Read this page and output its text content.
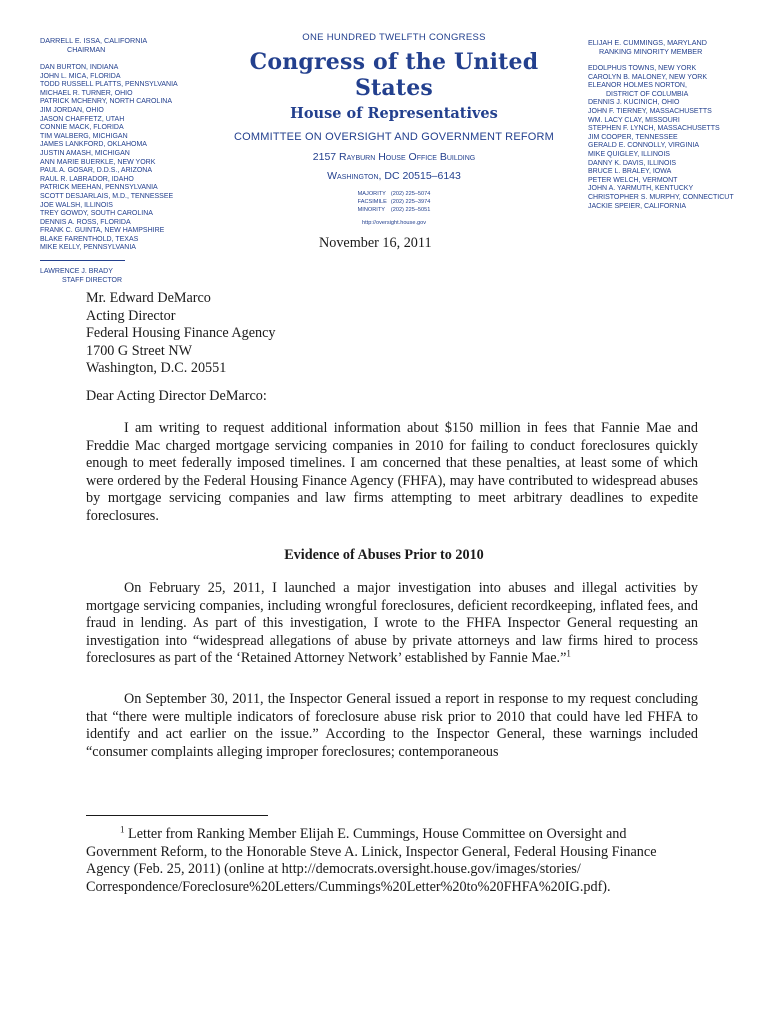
DARRELL E. ISSA, CALIFORNIA
CHAIRMAN
DAN BURTON, INDIANA
JOHN L. MICA, FLORIDA
TODD RUSSELL PLATTS, PENNSYLVANIA
MICHAEL R. TURNER, OHIO
PATRICK MCHENRY, NORTH CAROLINA
JIM JORDAN, OHIO
JASON CHAFFETZ, UTAH
CONNIE MACK, FLORIDA
TIM WALBERG, MICHIGAN
JAMES LANKFORD, OKLAHOMA
JUSTIN AMASH, MICHIGAN
ANN MARIE BUERKLE, NEW YORK
PAUL A. GOSAR, D.D.S., ARIZONA
RAUL R. LABRADOR, IDAHO
PATRICK MEEHAN, PENNSYLVANIA
SCOTT DESJARLAIS, M.D., TENNESSEE
JOE WALSH, ILLINOIS
TREY GOWDY, SOUTH CAROLINA
DENNIS A. ROSS, FLORIDA
FRANK C. GUINTA, NEW HAMPSHIRE
BLAKE FARENTHOLD, TEXAS
MIKE KELLY, PENNSYLVANIA
LAWRENCE J. BRADY
STAFF DIRECTOR
ONE HUNDRED TWELFTH CONGRESS
Congress of the United States
House of Representatives
COMMITTEE ON OVERSIGHT AND GOVERNMENT REFORM
2157 Rayburn House Office Building
Washington, DC 20515–6143
MAJORITY	(202) 225–5074
FACSIMILE	(202) 225–3974
MINORITY	(202) 225–5051
http://oversight.house.gov
ELIJAH E. CUMMINGS, MARYLAND
RANKING MINORITY MEMBER
EDOLPHUS TOWNS, NEW YORK
CAROLYN B. MALONEY, NEW YORK
ELEANOR HOLMES NORTON,
DISTRICT OF COLUMBIA
DENNIS J. KUCINICH, OHIO
JOHN F. TIERNEY, MASSACHUSETTS
WM. LACY CLAY, MISSOURI
STEPHEN F. LYNCH, MASSACHUSETTS
JIM COOPER, TENNESSEE
GERALD E. CONNOLLY, VIRGINIA
MIKE QUIGLEY, ILLINOIS
DANNY K. DAVIS, ILLINOIS
BRUCE L. BRALEY, IOWA
PETER WELCH, VERMONT
JOHN A. YARMUTH, KENTUCKY
CHRISTOPHER S. MURPHY, CONNECTICUT
JACKIE SPEIER, CALIFORNIA
November 16, 2011
Mr. Edward DeMarco
Acting Director
Federal Housing Finance Agency
1700 G Street NW
Washington, D.C. 20551
Dear Acting Director DeMarco:

I am writing to request additional information about $150 million in fees that Fannie Mae and Freddie Mac charged mortgage servicing companies in 2010 for failing to conduct foreclosures quickly enough to meet federally imposed timelines. I am concerned that these penalties, at least some of which were ordered by the Federal Housing Finance Agency (FHFA), may have contributed to widespread abuses by mortgage servicing companies and law firms attempting to meet arbitrary deadlines to expedite foreclosures.

Evidence of Abuses Prior to 2010

On February 25, 2011, I launched a major investigation into abuses and illegal activities by mortgage servicing companies, including wrongful foreclosures, deficient recordkeeping, inflated fees, and fraud in lending. As part of this investigation, I wrote to the FHFA Inspector General requesting an investigation into “widespread allegations of abuse by private attorneys and law firms hired to process foreclosures as part of the ‘Retained Attorney Network’ established by Fannie Mae.”$^1$

On September 30, 2011, the Inspector General issued a report in response to my request concluding that “there were multiple indicators of foreclosure abuse risk prior to 2010 that could have led FHFA to identify and act earlier on the issue.” According to the Inspector General, these warnings included “consumer complaints alleging improper foreclosures; contemporaneous

$^1$ Letter from Ranking Member Elijah E. Cummings, House Committee on Oversight and Government Reform, to the Honorable Steve A. Linick, Inspector General, Federal Housing Finance Agency (Feb. 25, 2011) (online at http://democrats.oversight.house.gov/images/stories/ Correspondence/Foreclosure%20Letters/Cummings%20Letter%20to%20FHFA%20IG.pdf).
